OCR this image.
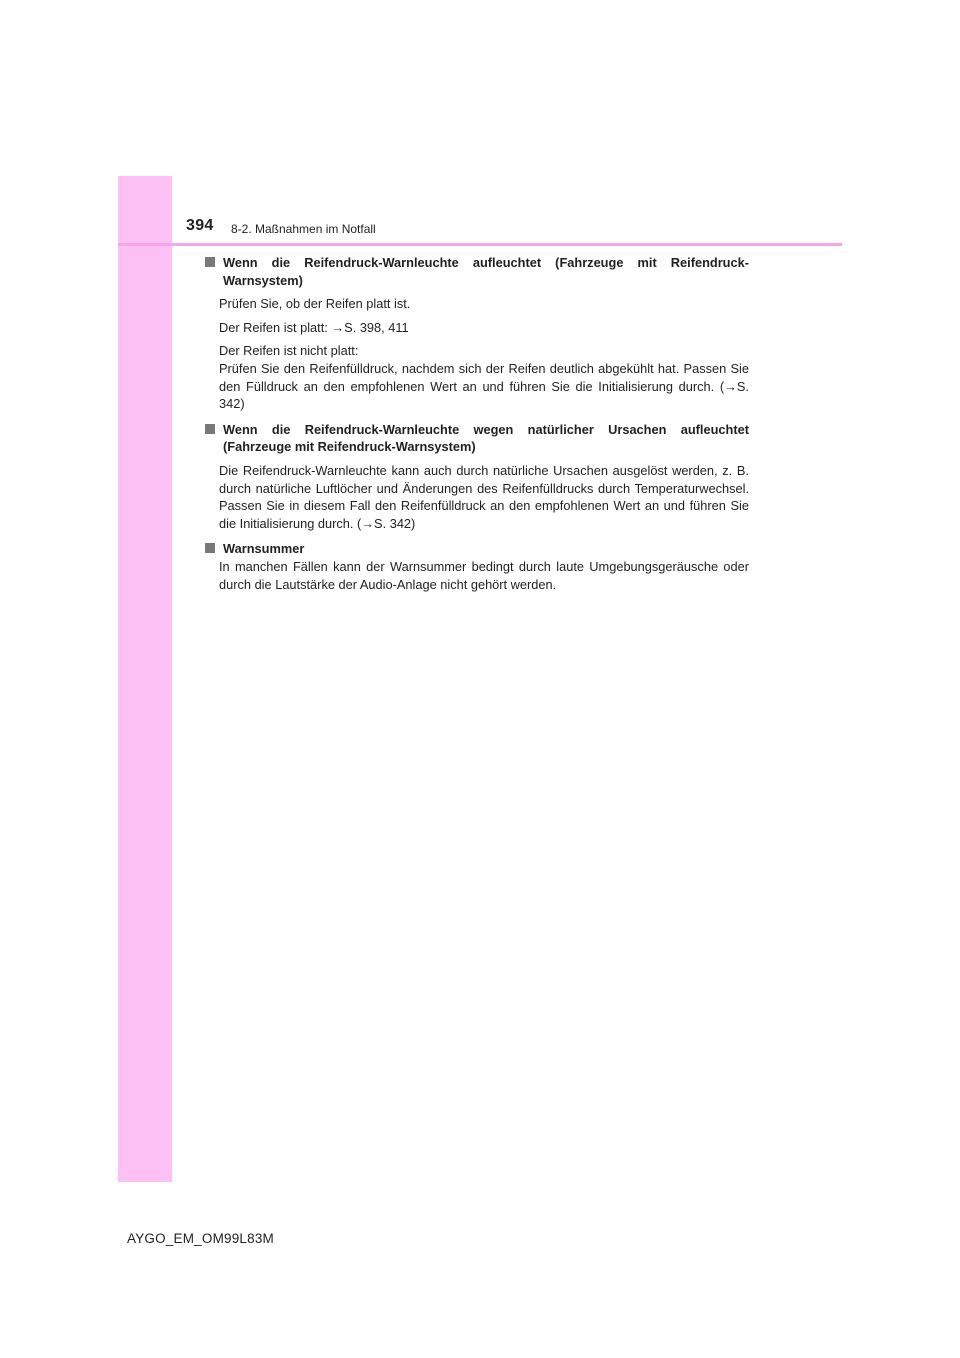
394 8-2. Maßnahmen im Notfall
Wenn die Reifendruck-Warnleuchte aufleuchtet (Fahrzeuge mit Reifendruck-Warnsystem)
Prüfen Sie, ob der Reifen platt ist.
Der Reifen ist platt: →S. 398, 411
Der Reifen ist nicht platt:
Prüfen Sie den Reifenfülldruck, nachdem sich der Reifen deutlich abgekühlt hat. Passen Sie den Fülldruck an den empfohlenen Wert an und führen Sie die Initialisierung durch. (→S. 342)
Wenn die Reifendruck-Warnleuchte wegen natürlicher Ursachen aufleuchtet (Fahrzeuge mit Reifendruck-Warnsystem)
Die Reifendruck-Warnleuchte kann auch durch natürliche Ursachen ausgelöst werden, z. B. durch natürliche Luftlöcher und Änderungen des Reifenfülldrucks durch Temperaturwechsel. Passen Sie in diesem Fall den Reifenfülldruck an den empfohlenen Wert an und führen Sie die Initialisierung durch. (→S. 342)
Warnsummer
In manchen Fällen kann der Warnsummer bedingt durch laute Umgebungsgeräusche oder durch die Lautstärke der Audio-Anlage nicht gehört werden.
AYGO_EM_OM99L83M
